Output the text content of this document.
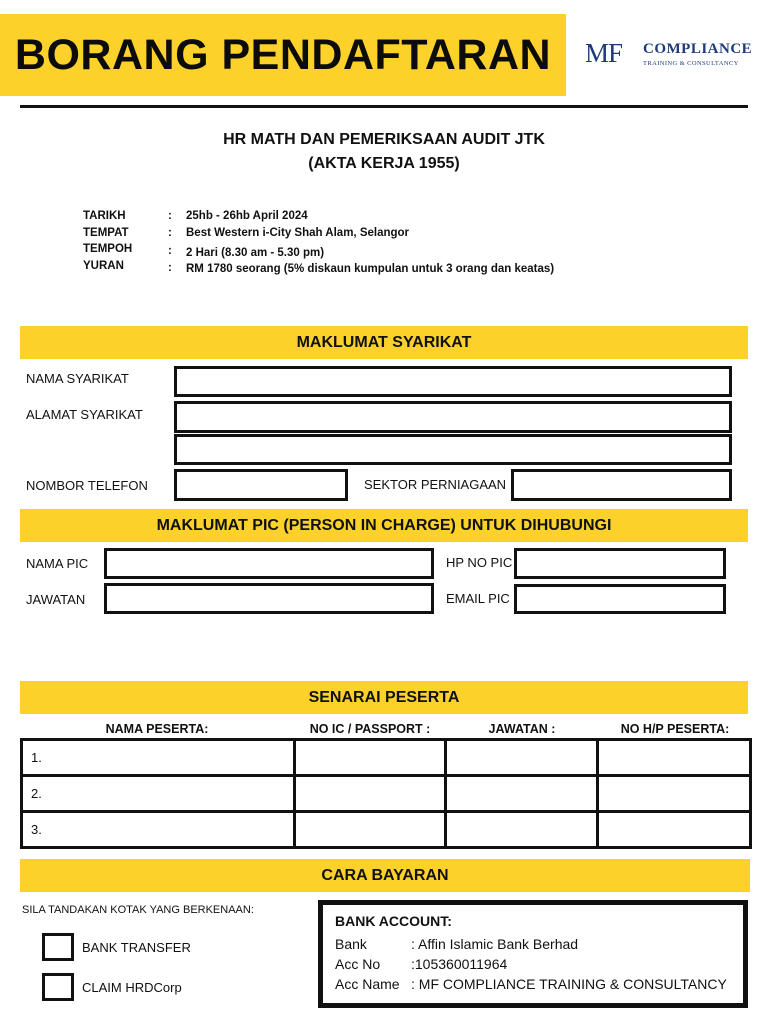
BORANG PENDAFTARAN MF COMPLIANCE
TRAINING & CONSULTANCY
HR MATH DAN PEMERIKSAAN AUDIT JTK
(AKTA KERJA 1955)
TARIKH	: 25hb - 26hb April 2024
TEMPAT	: Best Western i-City Shah Alam, Selangor
TEMPOH	: 2 Hari (8.30 am - 5.30 pm)
YURAN	: RM 1780 seorang (5% diskaun kumpulan untuk 3 orang dan keatas)
MAKLUMAT SYARIKAT
NAMA SYARIKAT
ALAMAT SYARIKAT
NOMBOR TELEFON	SEKTOR PERNIAGAAN
MAKLUMAT PIC (PERSON IN CHARGE) UNTUK DIHUBUNGI
NAMA PIC	HP NO PIC
JAWATAN	EMAIL PIC
SENARAI PESERTA
NAMA PESERTA:	NO IC / PASSPORT :	JAWATAN :	NO H/P PESERTA:
1.			
2.			
3.			
CARA BAYARAN
SILA TANDAKAN KOTAK YANG BERKENAAN:
BANK TRANSFER
CLAIM HRDCorp
BANK ACCOUNT:
Bank	: Affin Islamic Bank Berhad
Acc No :105360011964
Acc Name : MF COMPLIANCE TRAINING & CONSULTANCY
